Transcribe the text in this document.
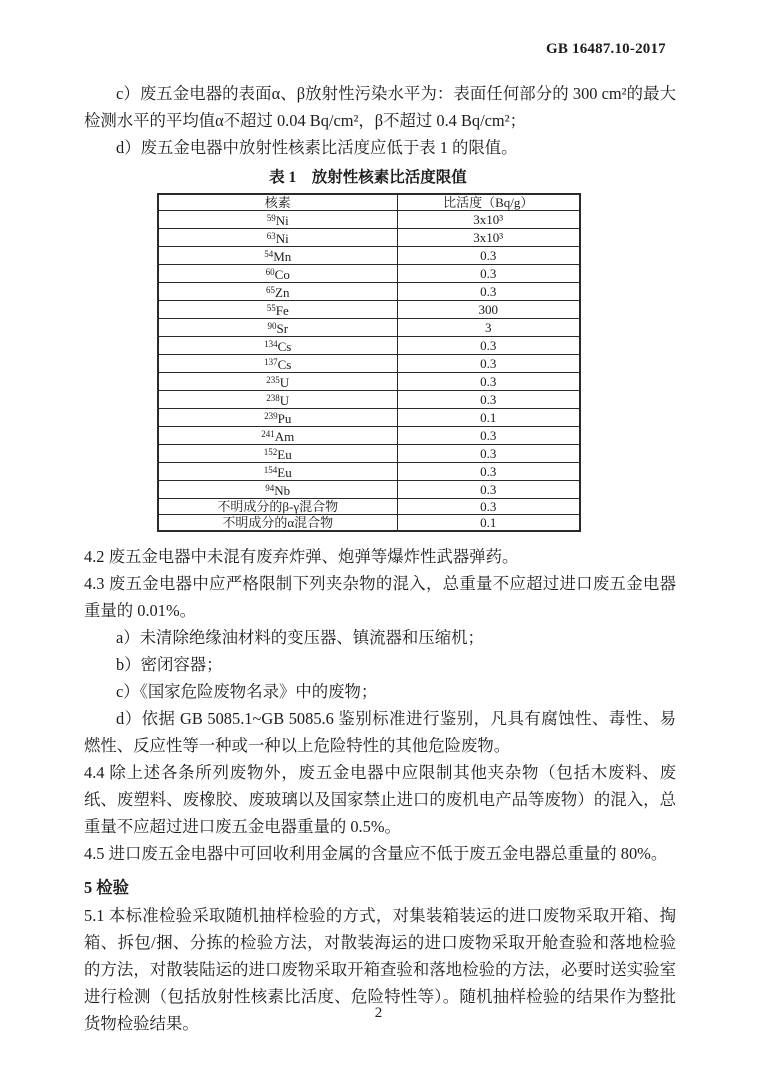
GB 16487.10-2017

c）废五金电器的表面α、β放射性污染水平为：表面任何部分的 300 cm²的最大检测水平的平均值α不超过 0.04 Bq/cm²，β不超过 0.4 Bq/cm²；

d）废五金电器中放射性核素比活度应低于表 1 的限值。

表 1　放射性核素比活度限值
核素	比活度（Bq/g）
$^{59}$Ni	3x10³
$^{63}$Ni	3x10³
$^{54}$Mn	0.3
$^{60}$Co	0.3
$^{65}$Zn	0.3
$^{55}$Fe	300
$^{90}$Sr	3
$^{134}$Cs	0.3
$^{137}$Cs	0.3
$^{235}$U	0.3
$^{238}$U	0.3
$^{239}$Pu	0.1
$^{241}$Am	0.3
$^{152}$Eu	0.3
$^{154}$Eu	0.3
$^{94}$Nb	0.3
不明成分的β-γ混合物	0.3
不明成分的α混合物	0.1

4.2 废五金电器中未混有废弃炸弹、炮弹等爆炸性武器弹药。

4.3 废五金电器中应严格限制下列夹杂物的混入，总重量不应超过进口废五金电器重量的 0.01%。

a）未清除绝缘油材料的变压器、镇流器和压缩机；

b）密闭容器；

c）《国家危险废物名录》中的废物；

d）依据 GB 5085.1~GB 5085.6 鉴别标准进行鉴别，凡具有腐蚀性、毒性、易燃性、反应性等一种或一种以上危险特性的其他危险废物。

4.4 除上述各条所列废物外，废五金电器中应限制其他夹杂物（包括木废料、废纸、废塑料、废橡胶、废玻璃以及国家禁止进口的废机电产品等废物）的混入，总重量不应超过进口废五金电器重量的 0.5%。

4.5 进口废五金电器中可回收利用金属的含量应不低于废五金电器总重量的 80%。

5 检验

5.1 本标准检验采取随机抽样检验的方式，对集装箱装运的进口废物采取开箱、掏箱、拆包/捆、分拣的检验方法，对散装海运的进口废物采取开舱查验和落地检验的方法，对散装陆运的进口废物采取开箱查验和落地检验的方法，必要时送实验室进行检测（包括放射性核素比活度、危险特性等）。随机抽样检验的结果作为整批货物检验结果。

2
